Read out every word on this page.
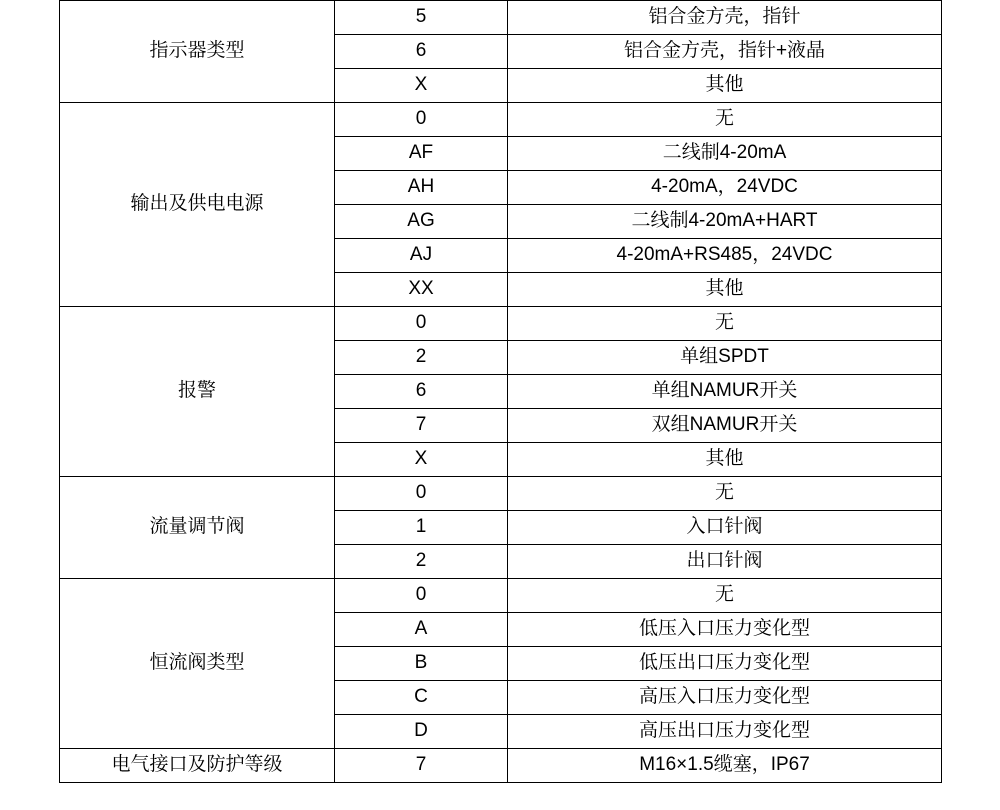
指示器类型	5	铝合金方壳，指针
	6	铝合金方壳，指针+液晶
	X	其他
输出及供电电源	0	无
	AF	二线制4-20mA
	AH	4-20mA，24VDC
	AG	二线制4-20mA+HART
	AJ	4-20mA+RS485，24VDC
	XX	其他
报警	0	无
	2	单组SPDT
	6	单组NAMUR开关
	7	双组NAMUR开关
	X	其他
流量调节阀	0	无
	1	入口针阀
	2	出口针阀
恒流阀类型	0	无
	A	低压入口压力变化型
	B	低压出口压力变化型
	C	高压入口压力变化型
	D	高压出口压力变化型
电气接口及防护等级	7	M16×1.5缆塞，IP67
